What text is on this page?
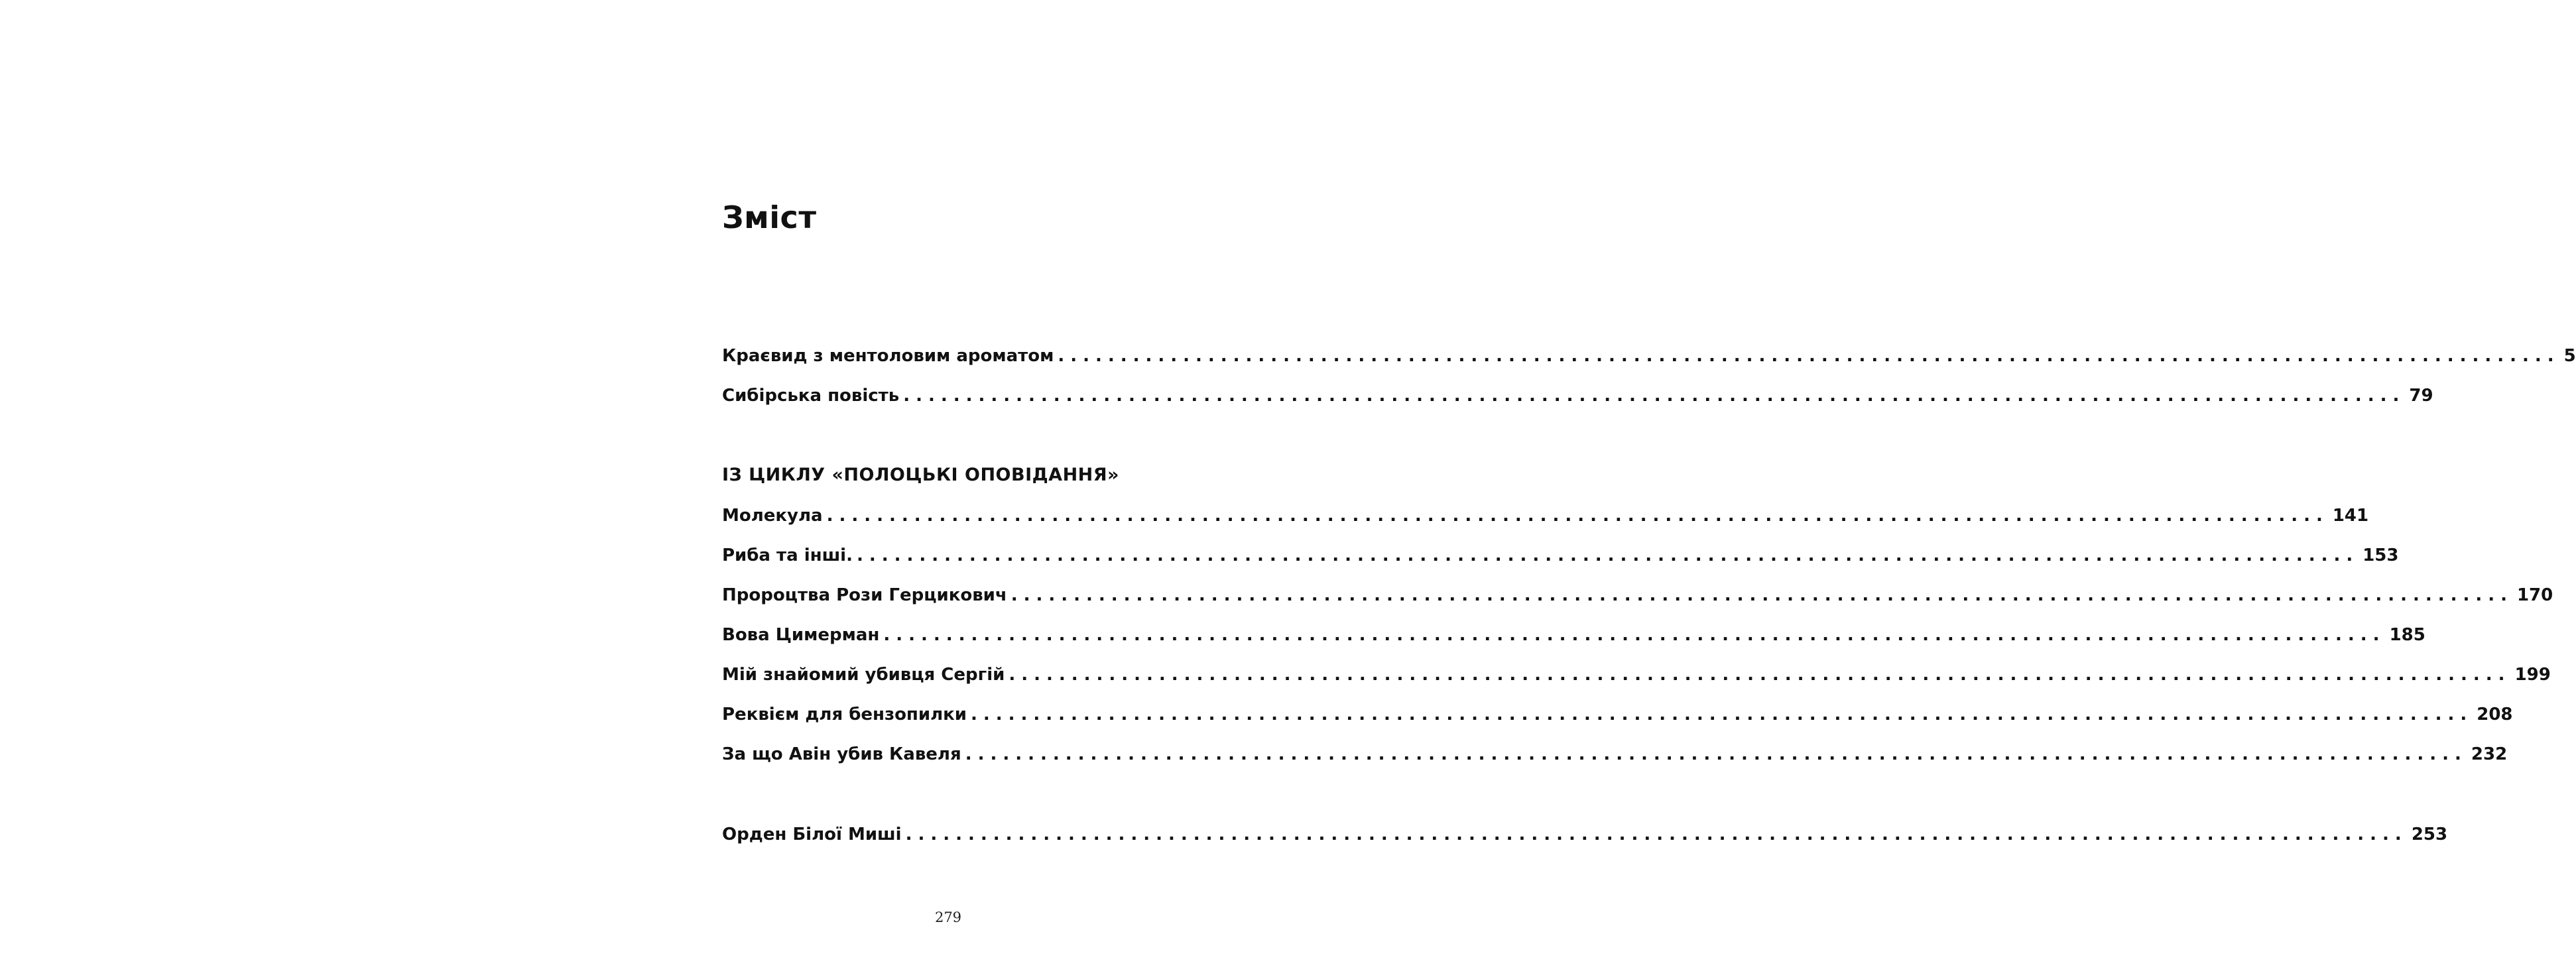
Зміст
Краєвид з ментоловим ароматом ........................................................................................................................ 5
Сибірська повість ........................................................................................................................ 79
ІЗ ЦИКЛУ «ПОЛОЦЬКІ ОПОВІДАННЯ»
Молекула ........................................................................................................................ 141
Риба та інші. ........................................................................................................................ 153
Пророцтва Рози Герцикович ........................................................................................................................ 170
Вова Цимерман ........................................................................................................................ 185
Мій знайомий убивця Сергій ........................................................................................................................ 199
Реквієм для бензопилки ........................................................................................................................ 208
За що Авін убив Кавеля ........................................................................................................................ 232
Орден Білої Миші ........................................................................................................................ 253
279
